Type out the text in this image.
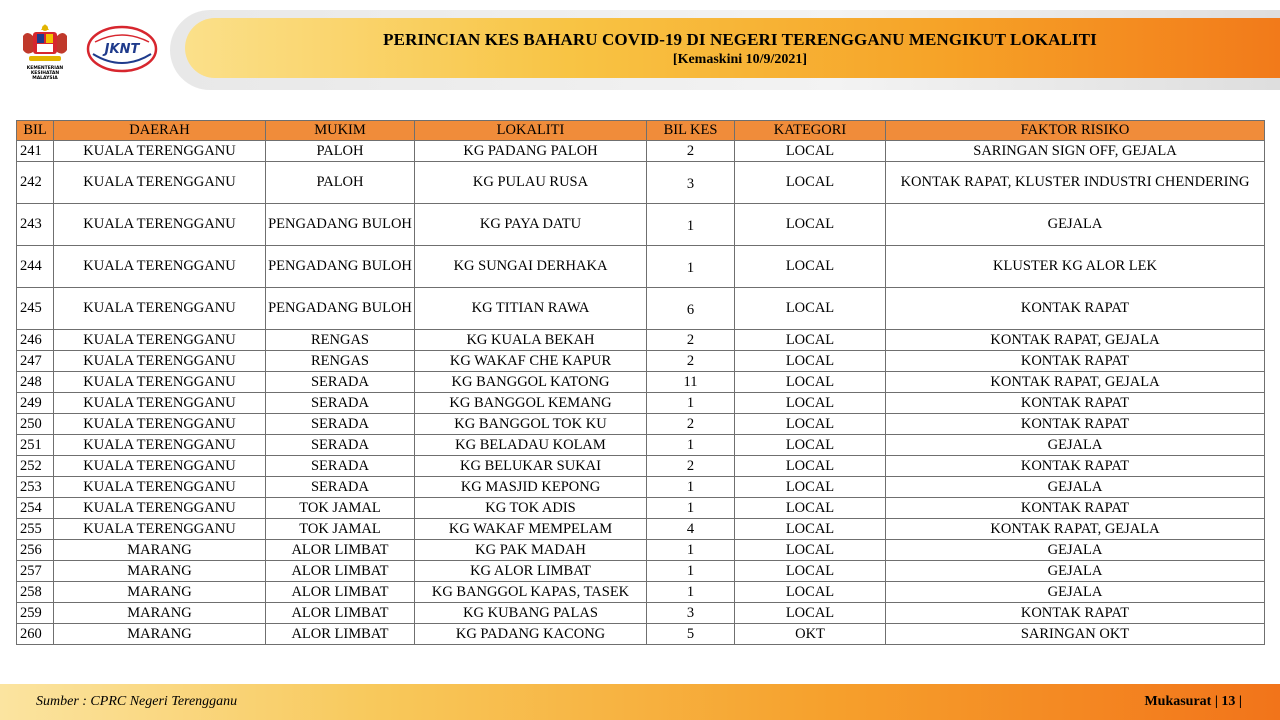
PERINCIAN KES BAHARU COVID-19 DI NEGERI TERENGGANU MENGIKUT LOKALITI
[Kemaskini 10/9/2021]
KEMENTERIAN KESIHATAN
MALAYSIA
JKNT
BIL	DAERAH	MUKIM	LOKALITI	BIL KES	KATEGORI	FAKTOR RISIKO
241	KUALA TERENGGANU	PALOH	KG PADANG PALOH	2	LOCAL	SARINGAN SIGN OFF, GEJALA
242	KUALA TERENGGANU	PALOH	KG PULAU RUSA	3	LOCAL	KONTAK RAPAT, KLUSTER INDUSTRI CHENDERING
243	KUALA TERENGGANU	PENGADANG BULOH	KG PAYA DATU	1	LOCAL	GEJALA
244	KUALA TERENGGANU	PENGADANG BULOH	KG SUNGAI DERHAKA	1	LOCAL	KLUSTER KG ALOR LEK
245	KUALA TERENGGANU	PENGADANG BULOH	KG TITIAN RAWA	6	LOCAL	KONTAK RAPAT
246	KUALA TERENGGANU	RENGAS	KG KUALA BEKAH	2	LOCAL	KONTAK RAPAT, GEJALA
247	KUALA TERENGGANU	RENGAS	KG WAKAF CHE KAPUR	2	LOCAL	KONTAK RAPAT
248	KUALA TERENGGANU	SERADA	KG BANGGOL KATONG	11	LOCAL	KONTAK RAPAT, GEJALA
249	KUALA TERENGGANU	SERADA	KG BANGGOL KEMANG	1	LOCAL	KONTAK RAPAT
250	KUALA TERENGGANU	SERADA	KG BANGGOL TOK KU	2	LOCAL	KONTAK RAPAT
251	KUALA TERENGGANU	SERADA	KG BELADAU KOLAM	1	LOCAL	GEJALA
252	KUALA TERENGGANU	SERADA	KG BELUKAR SUKAI	2	LOCAL	KONTAK RAPAT
253	KUALA TERENGGANU	SERADA	KG MASJID KEPONG	1	LOCAL	GEJALA
254	KUALA TERENGGANU	TOK JAMAL	KG TOK ADIS	1	LOCAL	KONTAK RAPAT
255	KUALA TERENGGANU	TOK JAMAL	KG WAKAF MEMPELAM	4	LOCAL	KONTAK RAPAT, GEJALA
256	MARANG	ALOR LIMBAT	KG PAK MADAH	1	LOCAL	GEJALA
257	MARANG	ALOR LIMBAT	KG ALOR LIMBAT	1	LOCAL	GEJALA
258	MARANG	ALOR LIMBAT	KG BANGGOL KAPAS, TASEK	1	LOCAL	GEJALA
259	MARANG	ALOR LIMBAT	KG KUBANG PALAS	3	LOCAL	KONTAK RAPAT
260	MARANG	ALOR LIMBAT	KG PADANG KACONG	5	OKT	SARINGAN OKT
Sumber : CPRC Negeri Terengganu	Mukasurat | 13 |
